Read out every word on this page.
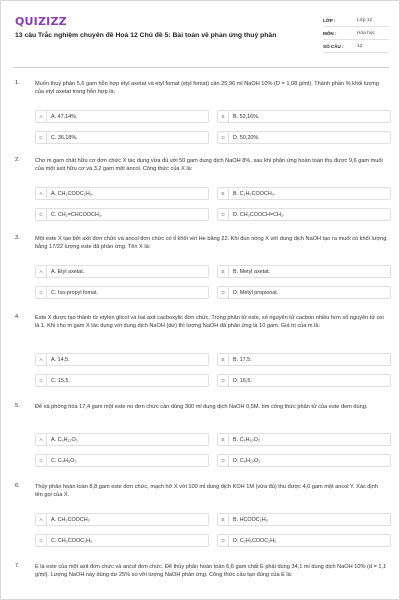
QUIZIZZ
13 câu Trắc nghiệm chuyên đề Hoá 12 Chủ đề 5: Bài toán về phản ứng thuỷ phân
LỚP :	Lớp 12
MÔN :	Hóa học
SỐ CÂU :	12
1.	Muốn thuỷ phân 5,6 gam hỗn hợp etyl axetat và etyl fomat (etyl fomat) cần 25,96 ml NaOH 10% (D = 1,08 g/ml). Thành phần % khối lượng của etyl axetat trong hỗn hợp là:
A	A. 47,14%.	B	B. 52,16%.
C	C. 36,18%.	D	D. 50,20%.
2.	Cho m gam chất hữu cơ đơn chức X tác dụng vừa đủ với 50 gam dung dịch NaOH 8%, sau khi phản ứng hoàn toàn thu được 9,6 gam muối của một axit hữu cơ và 3,2 gam một ancol. Công thức của X là:
A	A. CH₃COOC₂H₅.	B	B. C₂H₅COOCH₃.
C	C. CH₂=CHCOOCH₃.	D	D. CH₃COOCH=CH₂.
3.	Một este X tạo bởi axit đơn chức và ancol đơn chức có tỉ khối với He bằng 22. Khi đun nóng X với dung dịch NaOH tạo ra muối có khối lượng bằng 17/22 lượng este đã phản ứng. Tên X là:
A	A. Etyl axetat.	B	B. Metyl axetat.
C	C. Iso-propyl fomat.	D	D. Metyl propionat.
4.	Este X được tạo thành từ etylen glicol và hai axit cacboxylic đơn chức. Trong phân tử este, số nguyên tử cacbon nhiều hơn số nguyên tử oxi là 1. Khi cho m gam X tác dụng với dung dịch NaOH (dư) thì lượng NaOH đã phản ứng là 10 gam. Giá trị của m là:
A	A. 14,5.	B	B. 17,5.
C	C. 15,5.	D	D. 16,5.
5.	Để xà phòng hóa 17,4 gam một este no đơn chức cần dùng 300 ml dung dịch NaOH 0,5M. tìm công thức phân tử của este đem dùng.
A	A. C₆H₁₂O₂	B	B. C₅H₁₀O₂
C	C. C₄H₈O₂	D	D. C₆H₁₀O₂
6.	Thủy phân hoàn toàn 8,8 gam este đơn chức, mạch hở X với 100 ml dung dịch KOH 1M (vừa đủ) thu được 4,6 gam một ancol Y. Xác định tên gọi của X.
A	A. CH₃COOCH₃	B	B. HCOOC₂H₅
C	C. CH₃COOC₂H₅	D	D. C₂H₅COOC₂H₅
7.	E là este của một axit đơn chức và ancol đơn chức. Để thủy phân hoàn toàn 6,6 gam chất E phải dùng 34,1 ml dung dịch NaOH 10% (d = 1,1 g/ml). Lượng NaOH này dùng dư 25% so với lượng NaOH phản ứng. Công thức cấu tạo đúng của E là:
